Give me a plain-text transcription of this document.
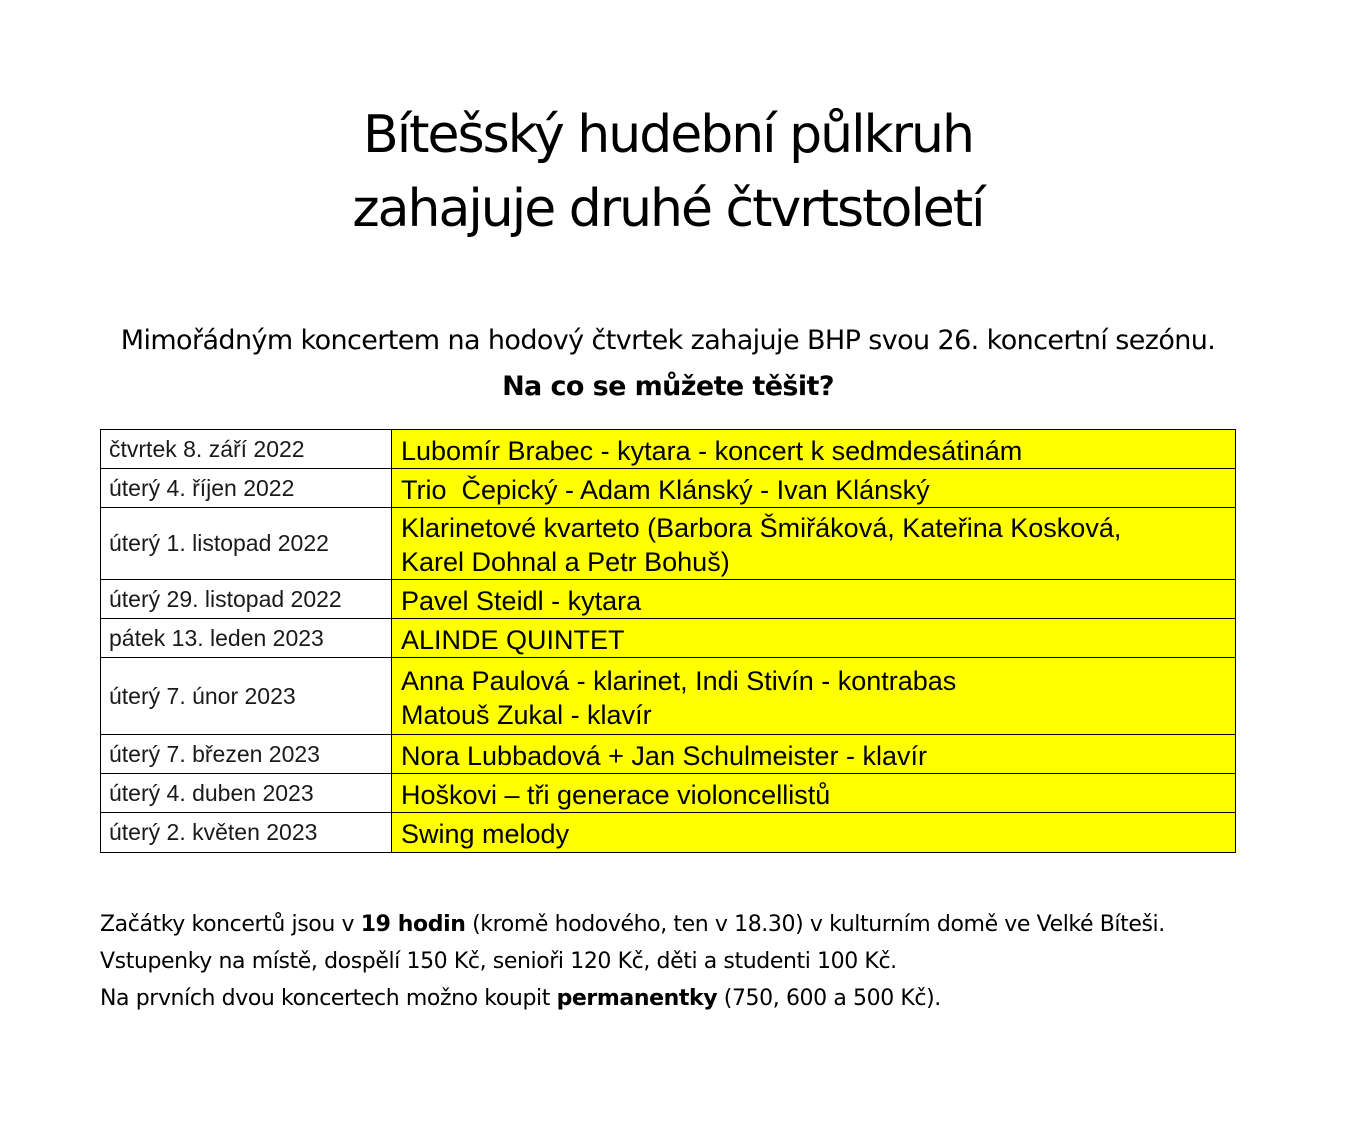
Bítešský hudební půlkruh
zahajuje druhé čtvrtstoletí
Mimořádným koncertem na hodový čtvrtek zahajuje BHP svou 26. koncertní sezónu. Na co se můžete těšit?
čtvrtek 8. září 2022	Lubomír Brabec - kytara - koncert k sedmdesátinám

úterý 4. říjen 2022	Trio  Čepický - Adam Klánský - Ivan Klánský

úterý 1. listopad 2022	Klarinetové kvarteto (Barbora Šmiřáková, Kateřina Kosková,
Karel Dohnal a Petr Bohuš)

úterý 29. listopad 2022	Pavel Steidl - kytara

pátek 13. leden 2023	ALINDE QUINTET

úterý 7. únor 2023	Anna Paulová - klarinet, Indi Stivín - kontrabas
Matouš Zukal - klavír

úterý 7. březen 2023	Nora Lubbadová + Jan Schulmeister - klavír

úterý 4. duben 2023	Hoškovi – tři generace violoncellistů

úterý 2. květen 2023	Swing melody
Začátky koncertů jsou v 19 hodin (kromě hodového, ten v 18.30) v kulturním domě ve Velké Bíteši.
Vstupenky na místě, dospělí 150 Kč, senioři 120 Kč, děti a studenti 100 Kč.
Na prvních dvou koncertech možno koupit permanentky (750, 600 a 500 Kč).
